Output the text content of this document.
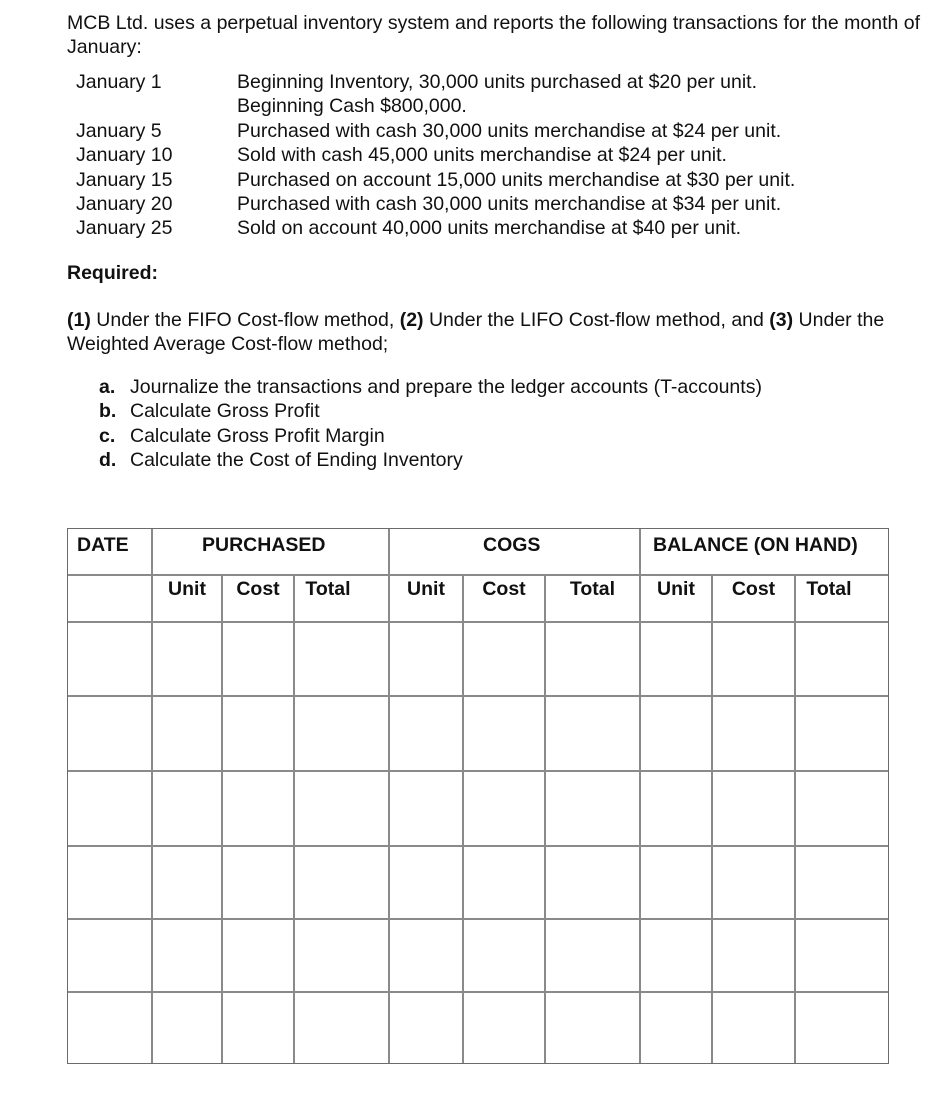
MCB Ltd. uses a perpetual inventory system and reports the following transactions for the month of January:
January 1	Beginning Inventory, 30,000 units purchased at $20 per unit.
Beginning Cash $800,000.
January 5	Purchased with cash 30,000 units merchandise at $24 per unit.
January 10	Sold with cash 45,000 units merchandise at $24 per unit.
January 15	Purchased on account 15,000 units merchandise at $30 per unit.
January 20	Purchased with cash 30,000 units merchandise at $34 per unit.
January 25	Sold on account 40,000 units merchandise at $40 per unit.
Required:
(1) Under the FIFO Cost-flow method, (2) Under the LIFO Cost-flow method, and (3) Under the Weighted Average Cost-flow method;
a. Journalize the transactions and prepare the ledger accounts (T-accounts)
b. Calculate Gross Profit
c. Calculate Gross Profit Margin
d. Calculate the Cost of Ending Inventory
DATE	PURCHASED	COGS	BALANCE (ON HAND)
Unit	Cost	Total	Unit	Cost	Total	Unit	Cost	Total
